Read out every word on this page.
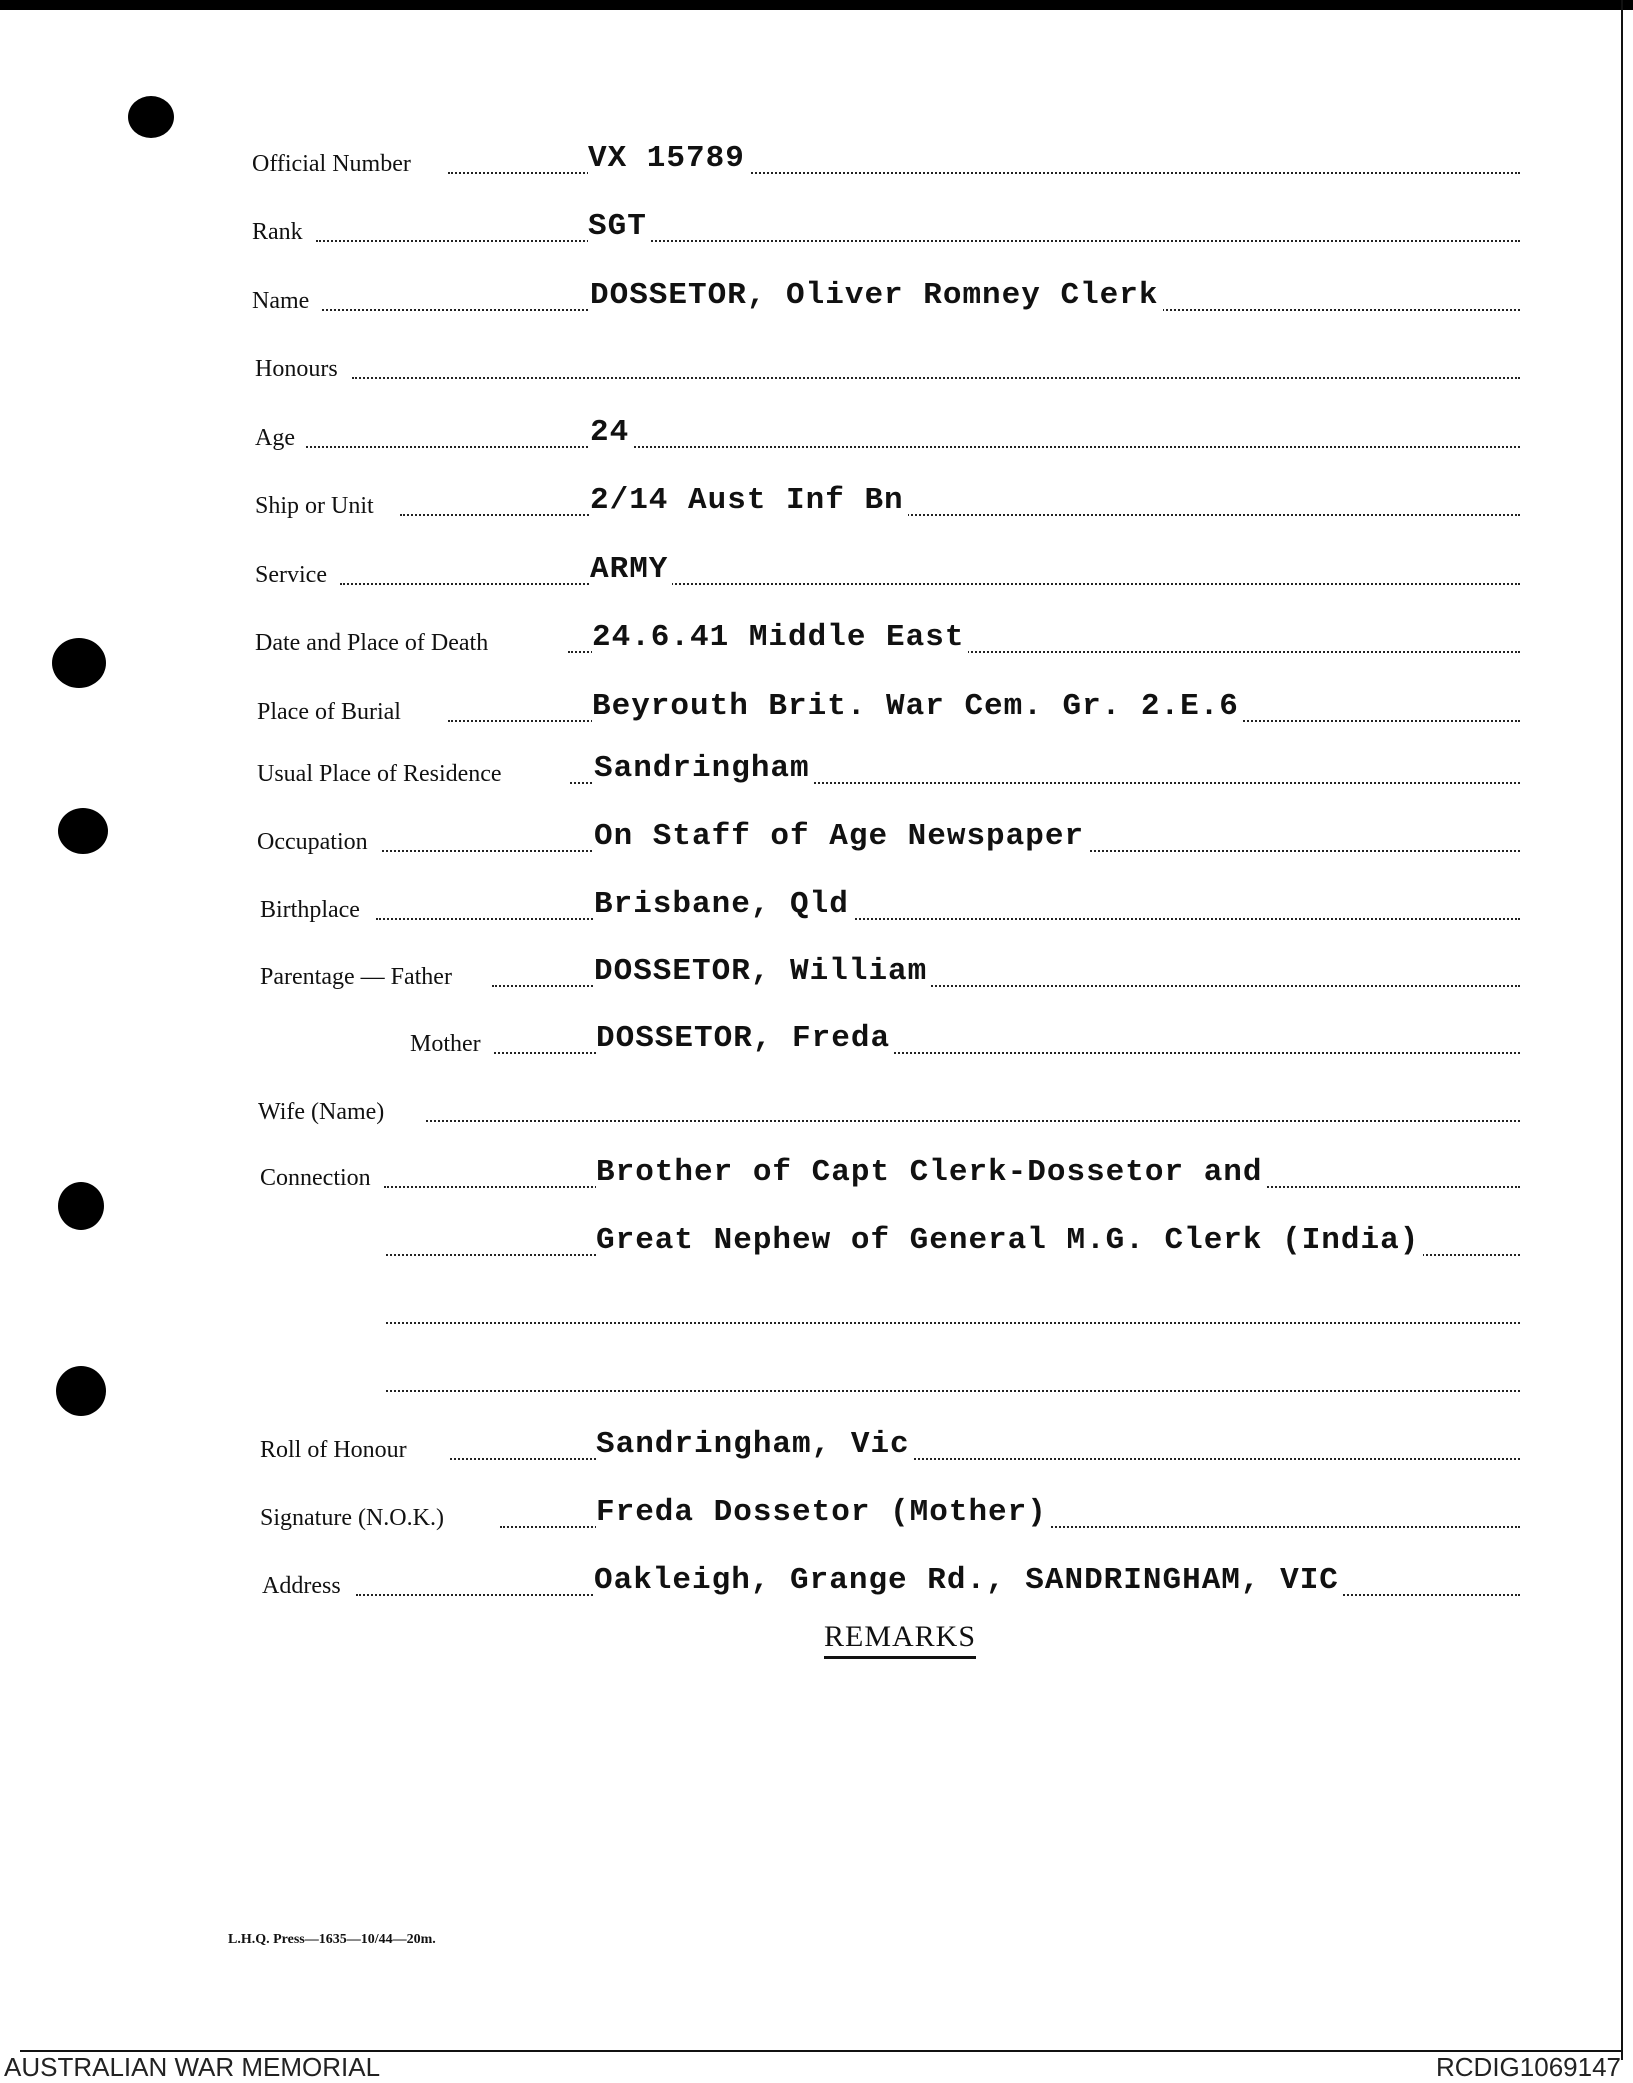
Official Number	VX 15789
Rank	SGT
Name	DOSSETOR, Oliver Romney Clerk
Honours
Age	24
Ship or Unit	2/14 Aust Inf Bn
Service	ARMY
Date and Place of Death	24.6.41 Middle East
Place of Burial	Beyrouth Brit. War Cem. Gr. 2.E.6
Usual Place of Residence	Sandringham
Occupation	On Staff of Age Newspaper
Birthplace	Brisbane, Qld
Parentage — Father	DOSSETOR, William
Mother	DOSSETOR, Freda
Wife (Name)
Connection	Brother of Capt Clerk-Dossetor and
Great Nephew of General M.G. Clerk (India)
Roll of Honour	Sandringham, Vic
Signature (N.O.K.)	Freda Dossetor (Mother)
Address	Oakleigh, Grange Rd., SANDRINGHAM, VIC
REMARKS
L.H.Q. Press—1635—10/44—20m.
AUSTRALIAN WAR MEMORIAL	RCDIG1069147
